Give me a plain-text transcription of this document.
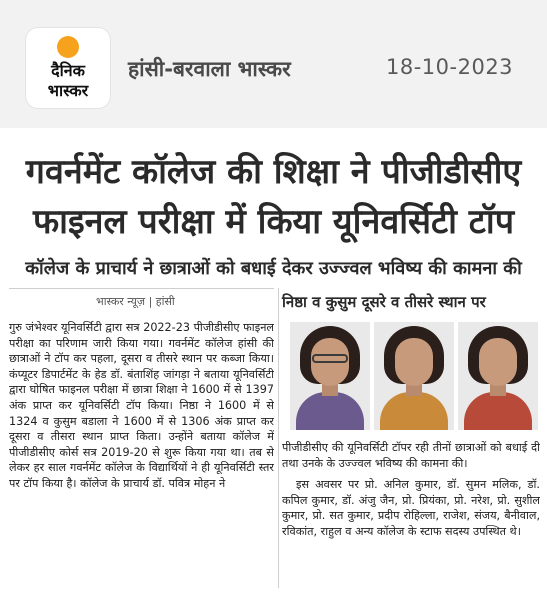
दैनिक
भास्कर
हांसी-बरवाला भास्कर	18-10-2023
गवर्नमेंट कॉलेज की शिक्षा ने पीजीडीसीए
फाइनल परीक्षा में किया यूनिवर्सिटी टॉप
कॉलेज के प्राचार्य ने छात्राओं को बधाई देकर उज्ज्वल भविष्य की कामना की
भास्कर न्यूज़ | हांसी	निष्ठा व कुसुम दूसरे व तीसरे स्थान पर

गुरु जंभेश्वर यूनिवर्सिटी द्वारा सत्र 2022-23 पीजीडीसीए फाइनल परीक्षा का परिणाम जारी किया गया। गवर्नमेंट कॉलेज हांसी की छात्राओं ने टॉप कर पहला, दूसरा व तीसरे स्थान पर कब्जा किया। कंप्यूटर डिपार्टमेंट के हेड डॉ. बंताशिंह जांगड़ा ने बताया यूनिवर्सिटी द्वारा घोषित फाइनल परीक्षा में छात्रा शिक्षा ने 1600 में से 1397 अंक प्राप्त कर यूनिवर्सिटी टॉप किया। निष्ठा ने 1600 में से 1324 व कुसुम बडाला ने 1600 में से 1306 अंक प्राप्त कर दूसरा व तीसरा स्थान प्राप्त किता। उन्होंने बताया कॉलेज में पीजीडीसीए कोर्स सत्र 2019-20 से शुरू किया गया था। तब से लेकर हर साल गवर्नमेंट कॉलेज के विद्यार्थियों ने ही यूनिवर्सिटी स्तर पर टॉप किया है। कॉलेज के प्राचार्य डॉ. पवित्र मोहन ने

पीजीडीसीए की यूनिवर्सिटी टॉपर रही तीनों छात्राओं को बधाई दी तथा उनके के उज्ज्वल भविष्य की कामना की।

इस अवसर पर प्रो. अनिल कुमार, डॉ. सुमन मलिक, डॉ. कपिल कुमार, डॉ. अंजु जैन, प्रो. प्रियंका, प्रो. नरेश, प्रो. सुशील कुमार, प्रो. सत कुमार, प्रदीप रोहिल्ला, राजेश, संजय, बैनीवाल, रविकांत, राहुल व अन्य कॉलेज के स्टाफ सदस्य उपस्थित थे।
